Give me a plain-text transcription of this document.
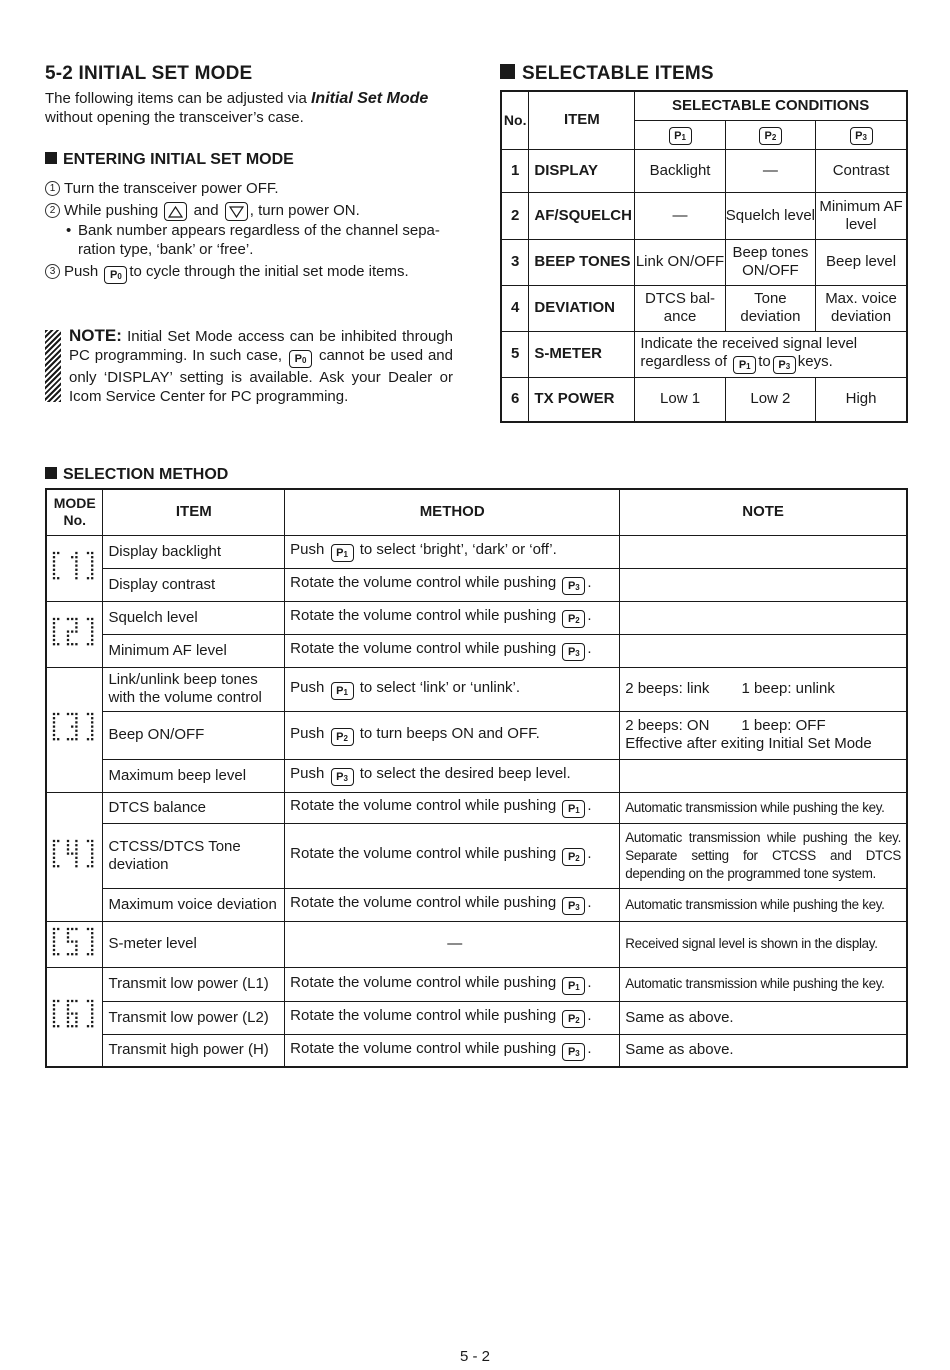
5-2 INITIAL SET MODE

The following items can be adjusted via Initial Set Mode
without opening the transceiver’s case.

ENTERING INITIAL SET MODE
1 Turn the transceiver power OFF.
2 While pushing and , turn power ON.
• Bank number appears regardless of the channel sepa-ration type, ‘bank’ or ‘free’.
3 Push $P_0$ to cycle through the initial set mode items.

NOTE: Initial Set Mode access can be inhibited through PC programming. In such case, $P_0$ cannot be used and only ‘DISPLAY’ setting is available. Ask your Dealer or Icom Service Center for PC programming.

SELECTABLE ITEMS
No.	ITEM	SELECTABLE CONDITIONS		
		$P_1$	$P_2$	$P_3$
1	DISPLAY	Backlight	—	Contrast
2	AF/SQUELCH	—	Squelch level	Minimum AF level
3	BEEP TONES	Link ON/OFF	Beep tones ON/OFF	Beep level
4	DEVIATION	DTCS bal-ance	Tone deviation	Max. voice deviation
5	S-METER	Indicate the received signal level regardless of $P_1$ to $P_3$ keys.		
6	TX POWER	Low 1	Low 2	High
SELECTION METHOD
MODE No.	ITEM	METHOD	NOTE
	Display backlight	Push $P_1$ to select ‘bright’, ‘dark’ or ‘off’.	
	Display contrast	Rotate the volume control while pushing $P_3$ .	
	Squelch level	Rotate the volume control while pushing $P_2$ .	
	Minimum AF level	Rotate the volume control while pushing $P_3$ .	
	Link/unlink beep tones with the volume control	Push $P_1$ to select ‘link’ or ‘unlink’.	2 beeps: link 1 beep: unlink
	Beep ON/OFF	Push $P_2$ to turn beeps ON and OFF.	2 beeps: ON 1 beep: OFF
Effective after exiting Initial Set Mode
	Maximum beep level	Push $P_3$ to select the desired beep level.	
	DTCS balance	Rotate the volume control while pushing $P_1$ .	Automatic transmission while pushing the key.
	CTCSS/DTCS Tone deviation	Rotate the volume control while pushing $P_2$ .	Automatic transmission while pushing the key. Separate setting for CTCSS and DTCS depending on the programmed tone system.
	Maximum voice deviation	Rotate the volume control while pushing $P_3$ .	Automatic transmission while pushing the key.
	S-meter level	—	Received signal level is shown in the display.
	Transmit low power (L1)	Rotate the volume control while pushing $P_1$ .	Automatic transmission while pushing the key.
	Transmit low power (L2)	Rotate the volume control while pushing $P_2$ .	Same as above.
	Transmit high power (H)	Rotate the volume control while pushing $P_3$ .	Same as above.
5 - 2
